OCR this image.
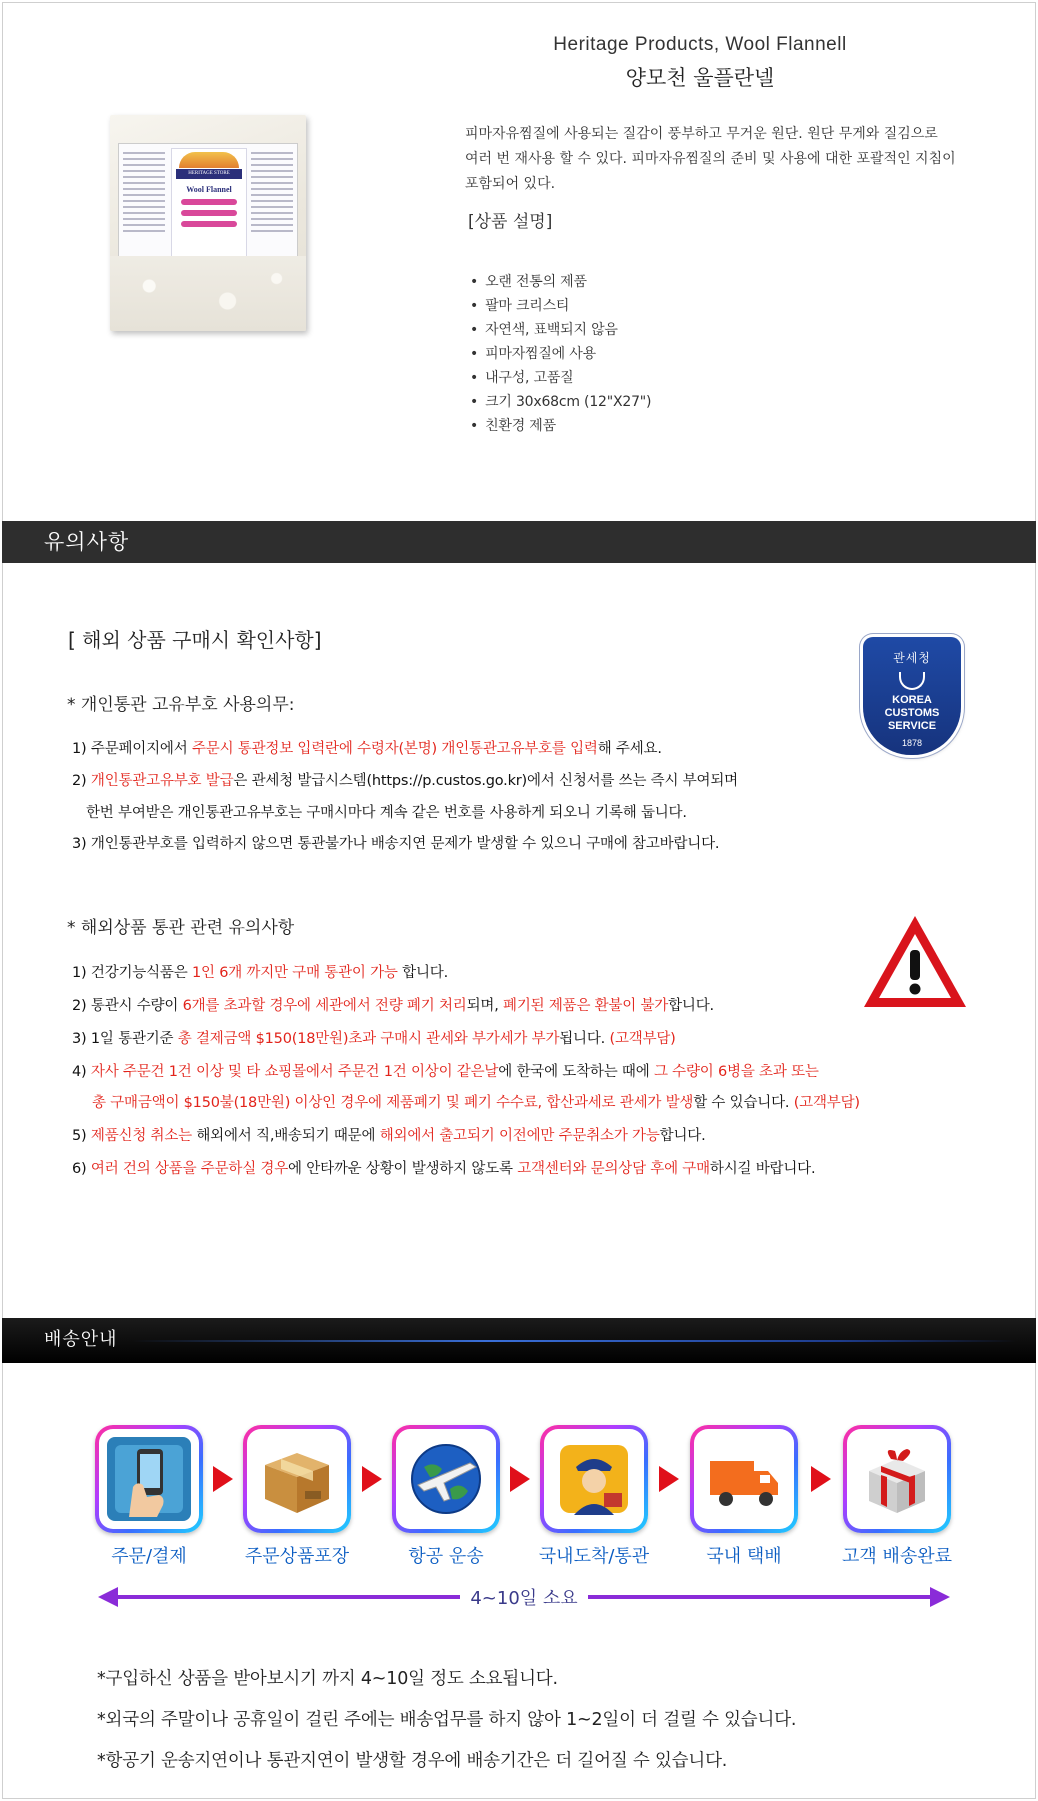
HERITAGE STORE
Wool Flannel
Heritage Products, Wool Flannell
양모천 울플란넬
피마자유찜질에 사용되는 질감이 풍부하고 무거운 원단. 원단 무게와 질김으로
여러 번 재사용 할 수 있다. 피마자유찜질의 준비 및 사용에 대한 포괄적인 지침이
포함되어 있다.
[상품 설명]
• 오랜 전통의 제품
• 팔마 크리스티
• 자연색, 표백되지 않음
• 피마자찜질에 사용
• 내구성, 고품질
• 크기 30x68cm (12"X27")
• 친환경 제품
유의사항
[ 해외 상품 구매시 확인사항]
관세청
KOREA
CUSTOMS
SERVICE
1878
* 개인통관 고유부호 사용의무:
1) 주문페이지에서 주문시 통관정보 입력란에 수령자(본명) 개인통관고유부호를 입력해 주세요.
2) 개인통관고유부호 발급은 관세청 발급시스템(https://p.custos.go.kr)에서 신청서를 쓰는 즉시 부여되며
한번 부여받은 개인통관고유부호는 구매시마다 계속 같은 번호를 사용하게 되오니 기록해 둡니다.
3) 개인통관부호를 입력하지 않으면 통관불가나 배송지연 문제가 발생할 수 있으니 구매에 참고바랍니다.
* 해외상품 통관 관련 유의사항
1) 건강기능식품은 1인 6개 까지만 구매 통관이 가능 합니다.
2) 통관시 수량이 6개를 초과할 경우에 세관에서 전량 폐기 처리되며, 폐기된 제품은 환불이 불가합니다.
3) 1일 통관기준 총 결제금액 $150(18만원)초과 구매시 관세와 부가세가 부가됩니다. (고객부담)
4) 자사 주문건 1건 이상 및 타 쇼핑몰에서 주문건 1건 이상이 같은날에 한국에 도착하는 때에 그 수량이 6병을 초과 또는
총 구매금액이 $150불(18만원) 이상인 경우에 제품폐기 및 폐기 수수료, 합산과세로 관세가 발생할 수 있습니다. (고객부담)
5) 제품신청 취소는 해외에서 직,배송되기 때문에 해외에서 출고되기 이전에만 주문취소가 가능합니다.
6) 여러 건의 상품을 주문하실 경우에 안타까운 상황이 발생하지 않도록 고객센터와 문의상담 후에 구매하시길 바랍니다.
배송안내
주문/결제	주문상품포장	항공 운송	국내도착/통관	국내 택배	고객 배송완료
4~10일 소요
*구입하신 상품을 받아보시기 까지 4~10일 정도 소요됩니다.
*외국의 주말이나 공휴일이 걸린 주에는 배송업무를 하지 않아 1~2일이 더 걸릴 수 있습니다.
*항공기 운송지연이나 통관지연이 발생할 경우에 배송기간은 더 길어질 수 있습니다.
